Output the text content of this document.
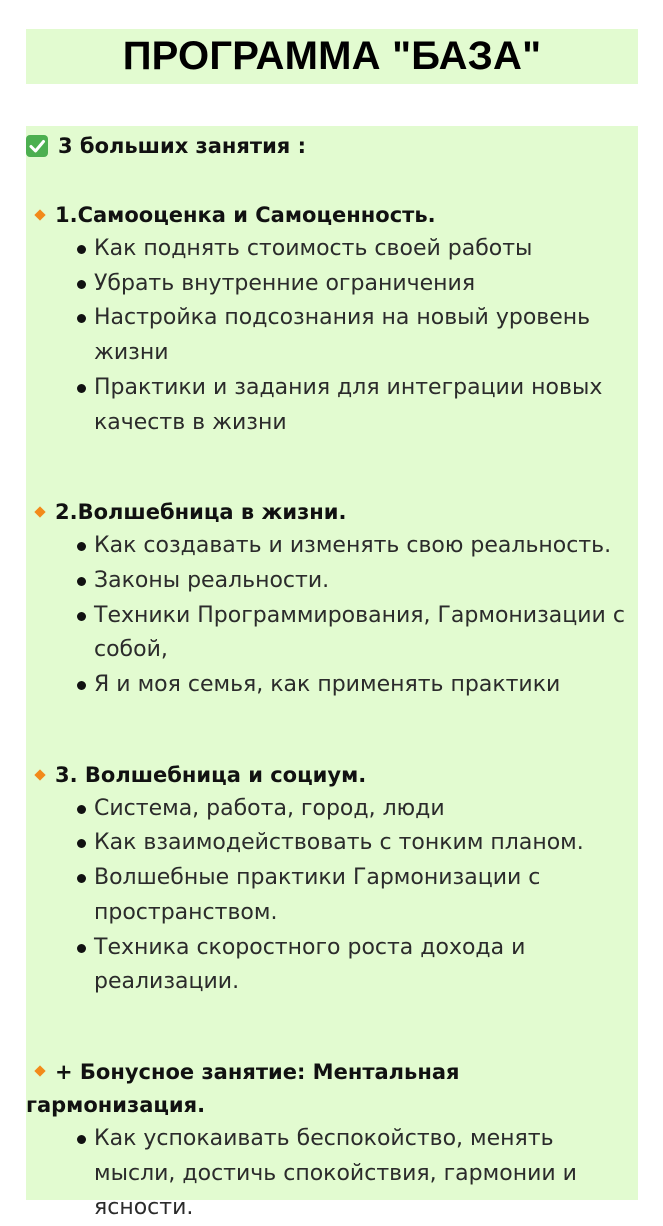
ПРОГРАММА "БАЗА"
3 больших занятия :
1.Самооценка и Самоценность.
Как поднять стоимость своей работы
Убрать внутренние ограничения
Настройка подсознания на новый уровень жизни
Практики и задания для интеграции новых качеств в жизни
2.Волшебница в жизни.
Как создавать и изменять свою реальность.
Законы реальности.
Техники Программирования, Гармонизации с собой,
Я и моя семья, как применять практики
3. Волшебница и социум.
Система, работа, город, люди
Как взаимодействовать с тонким планом.
Волшебные практики Гармонизации с пространством.
Техника скоростного роста дохода и реализации.
+ Бонусное занятие: Ментальная гармонизация.
Как успокаивать беспокойство, менять мысли, достичь спокойствия, гармонии и ясности.
